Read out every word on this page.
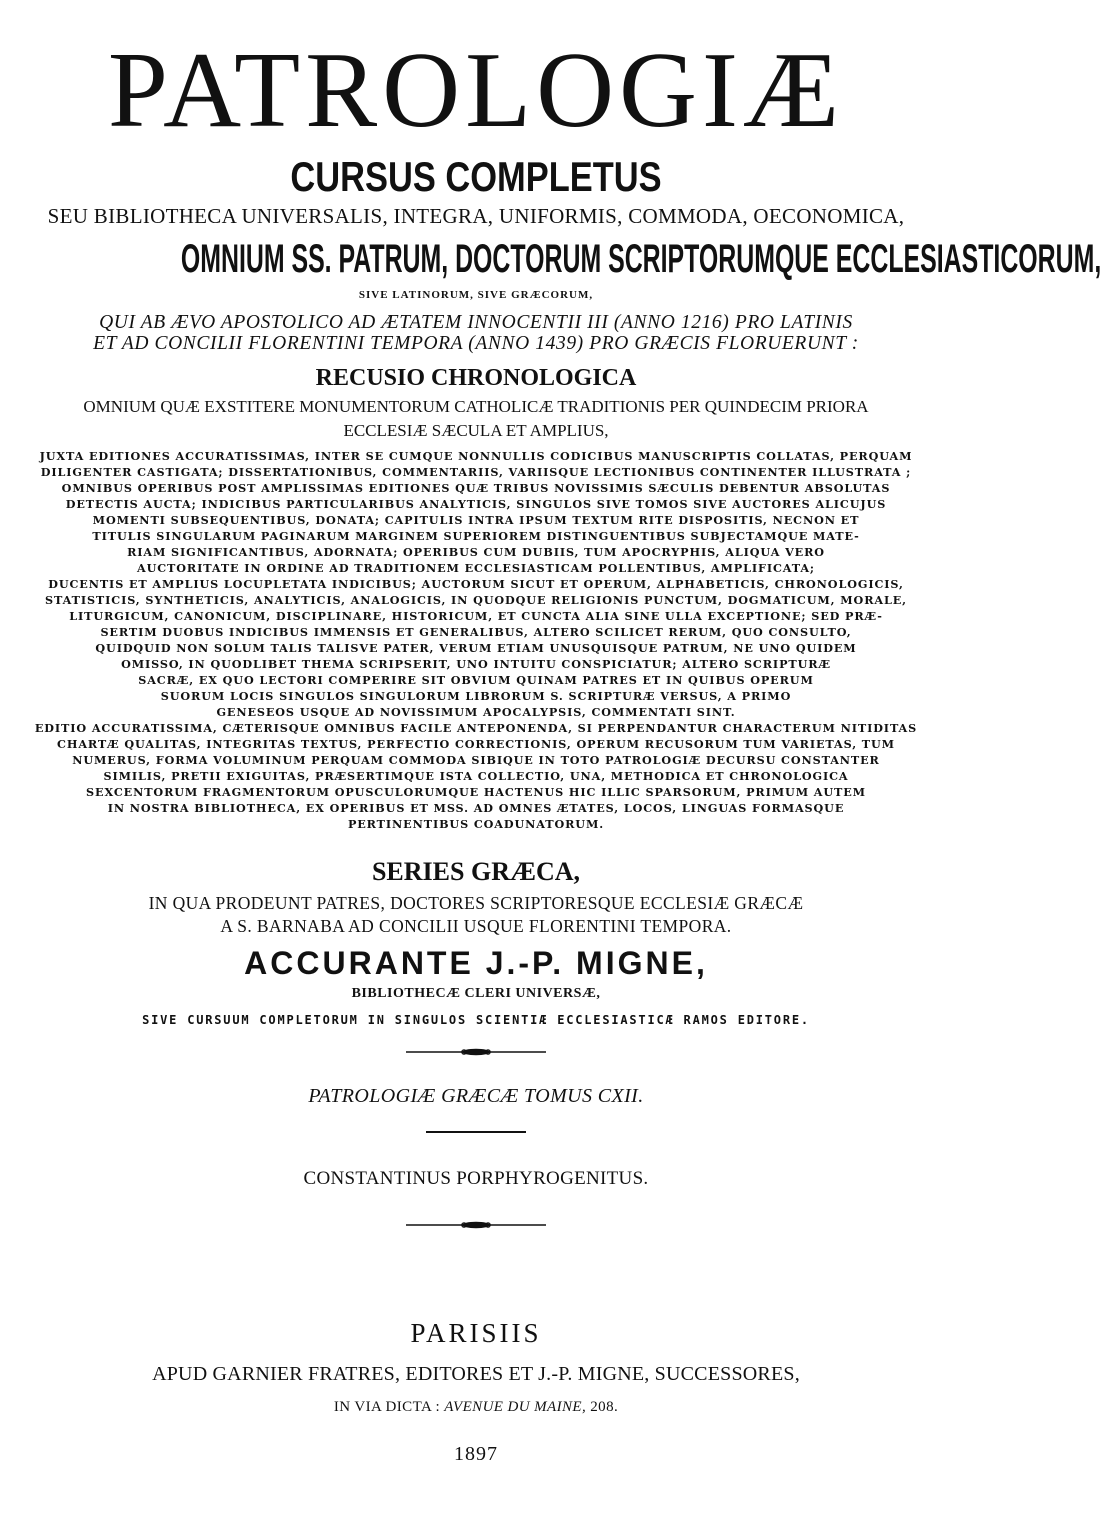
PATROLOGIÆ
CURSUS COMPLETUS
SEU BIBLIOTHECA UNIVERSALIS, INTEGRA, UNIFORMIS, COMMODA, OECONOMICA,
OMNIUM SS. PATRUM, DOCTORUM SCRIPTORUMQUE ECCLESIASTICORUM,
SIVE LATINORUM, SIVE GRÆCORUM,
QUI AB ÆVO APOSTOLICO AD ÆTATEM INNOCENTII III (ANNO 1216) PRO LATINIS
ET AD CONCILII FLORENTINI TEMPORA (ANNO 1439) PRO GRÆCIS FLORUERUNT :
RECUSIO CHRONOLOGICA
OMNIUM QUÆ EXSTITERE MONUMENTORUM CATHOLICÆ TRADITIONIS PER QUINDECIM PRIORA
ECCLESIÆ SÆCULA ET AMPLIUS,
JUXTA EDITIONES ACCURATISSIMAS, INTER SE CUMQUE NONNULLIS CODICIBUS MANUSCRIPTIS COLLATAS, PERQUAM
DILIGENTER CASTIGATA; DISSERTATIONIBUS, COMMENTARIIS, VARIISQUE LECTIONIBUS CONTINENTER ILLUSTRATA ;
OMNIBUS OPERIBUS POST AMPLISSIMAS EDITIONES QUÆ TRIBUS NOVISSIMIS SÆCULIS DEBENTUR ABSOLUTAS
DETECTIS AUCTA; INDICIBUS PARTICULARIBUS ANALYTICIS, SINGULOS SIVE TOMOS SIVE AUCTORES ALICUJUS
MOMENTI SUBSEQUENTIBUS, DONATA; CAPITULIS INTRA IPSUM TEXTUM RITE DISPOSITIS, NECNON ET
TITULIS SINGULARUM PAGINARUM MARGINEM SUPERIOREM DISTINGUENTIBUS SUBJECTAMQUE MATE-
RIAM SIGNIFICANTIBUS, ADORNATA; OPERIBUS CUM DUBIIS, TUM APOCRYPHIS, ALIQUA VERO
AUCTORITATE IN ORDINE AD TRADITIONEM ECCLESIASTICAM POLLENTIBUS, AMPLIFICATA;
DUCENTIS ET AMPLIUS LOCUPLETATA INDICIBUS; AUCTORUM SICUT ET OPERUM, ALPHABETICIS, CHRONOLOGICIS,
STATISTICIS, SYNTHETICIS, ANALYTICIS, ANALOGICIS, IN QUODQUE RELIGIONIS PUNCTUM, DOGMATICUM, MORALE,
LITURGICUM, CANONICUM, DISCIPLINARE, HISTORICUM, ET CUNCTA ALIA SINE ULLA EXCEPTIONE; SED PRÆ-
SERTIM DUOBUS INDICIBUS IMMENSIS ET GENERALIBUS, ALTERO SCILICET RERUM, QUO CONSULTO,
QUIDQUID NON SOLUM TALIS TALISVE PATER, VERUM ETIAM UNUSQUISQUE PATRUM, NE UNO QUIDEM
OMISSO, IN QUODLIBET THEMA SCRIPSERIT, UNO INTUITU CONSPICIATUR; ALTERO SCRIPTURÆ
SACRÆ, EX QUO LECTORI COMPERIRE SIT OBVIUM QUINAM PATRES ET IN QUIBUS OPERUM
SUORUM LOCIS SINGULOS SINGULORUM LIBRORUM S. SCRIPTURÆ VERSUS, A PRIMO
GENESEOS USQUE AD NOVISSIMUM APOCALYPSIS, COMMENTATI SINT.
EDITIO ACCURATISSIMA, CÆTERISQUE OMNIBUS FACILE ANTEPONENDA, SI PERPENDANTUR CHARACTERUM NITIDITAS
CHARTÆ QUALITAS, INTEGRITAS TEXTUS, PERFECTIO CORRECTIONIS, OPERUM RECUSORUM TUM VARIETAS, TUM
NUMERUS, FORMA VOLUMINUM PERQUAM COMMODA SIBIQUE IN TOTO PATROLOGIÆ DECURSU CONSTANTER
SIMILIS, PRETII EXIGUITAS, PRÆSERTIMQUE ISTA COLLECTIO, UNA, METHODICA ET CHRONOLOGICA
SEXCENTORUM FRAGMENTORUM OPUSCULORUMQUE HACTENUS HIC ILLIC SPARSORUM, PRIMUM AUTEM
IN NOSTRA BIBLIOTHECA, EX OPERIBUS ET MSS. AD OMNES ÆTATES, LOCOS, LINGUAS FORMASQUE
PERTINENTIBUS COADUNATORUM.
SERIES GRÆCA,
IN QUA PRODEUNT PATRES, DOCTORES SCRIPTORESQUE ECCLESIÆ GRÆCÆ
A S. BARNABA AD CONCILII USQUE FLORENTINI TEMPORA.
ACCURANTE J.-P. MIGNE,
BIBLIOTHECÆ CLERI UNIVERSÆ,
SIVE CURSUUM COMPLETORUM IN SINGULOS SCIENTIÆ ECCLESIASTICÆ RAMOS EDITORE.
PATROLOGIÆ GRÆCÆ TOMUS CXII.
CONSTANTINUS PORPHYROGENITUS.
PARISIIS
APUD GARNIER FRATRES, EDITORES ET J.-P. MIGNE, SUCCESSORES,
IN VIA DICTA : AVENUE DU MAINE, 208.
1897
